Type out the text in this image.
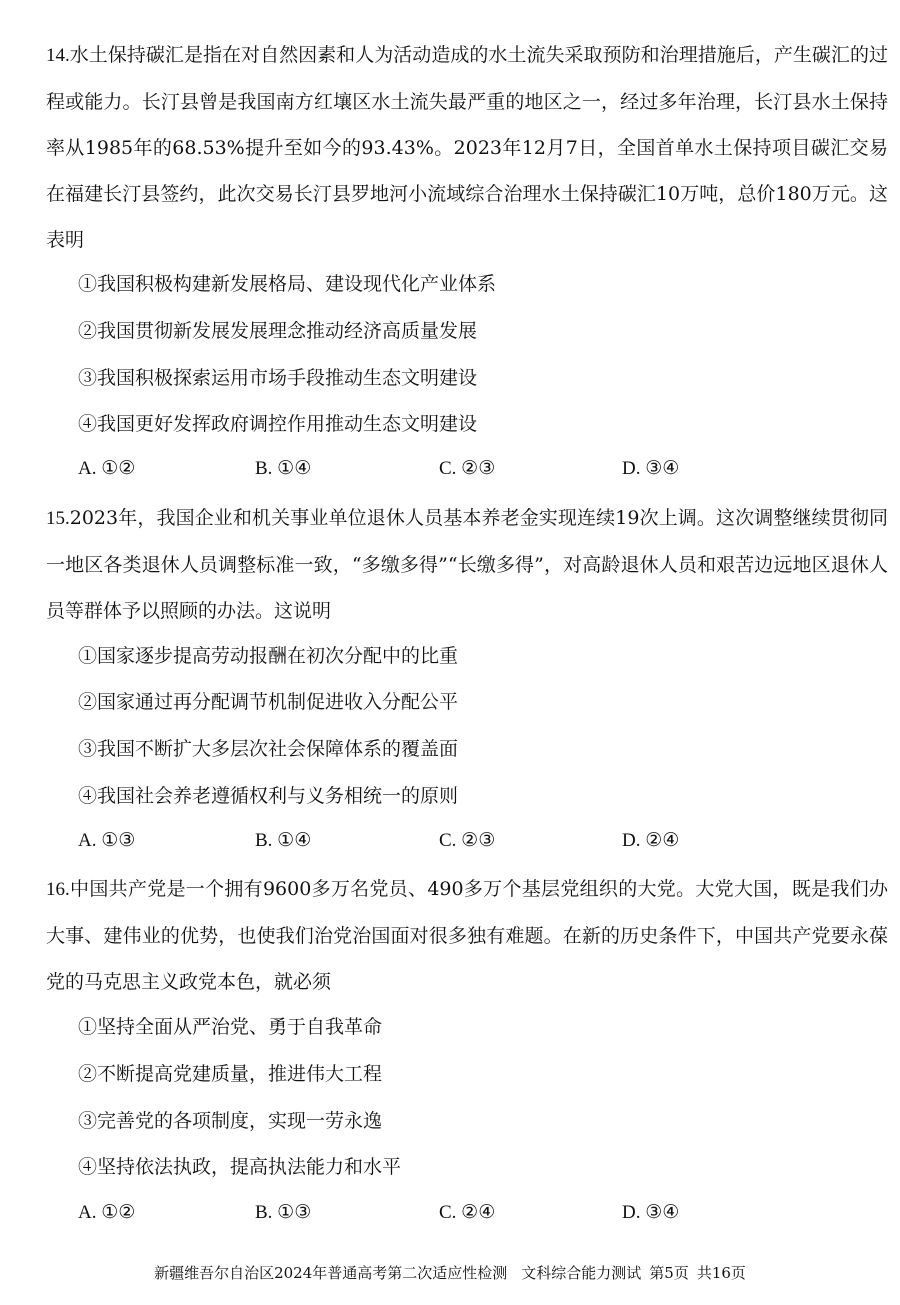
14.水土保持碳汇是指在对自然因素和人为活动造成的水土流失采取预防和治理措施后，产生碳汇的过程或能力。长汀县曾是我国南方红壤区水土流失最严重的地区之一，经过多年治理，长汀县水土保持率从1985年的68.53%提升至如今的93.43%。2023年12月7日，全国首单水土保持项目碳汇交易在福建长汀县签约，此次交易长汀县罗地河小流域综合治理水土保持碳汇10万吨，总价180万元。这表明

①我国积极构建新发展格局、建设现代化产业体系
②我国贯彻新发展发展理念推动经济高质量发展
③我国积极探索运用市场手段推动生态文明建设
④我国更好发挥政府调控作用推动生态文明建设
A. ①②	B. ①④	C. ②③	D. ③④

15.2023年，我国企业和机关事业单位退休人员基本养老金实现连续19次上调。这次调整继续贯彻同一地区各类退休人员调整标准一致，“多缴多得”“长缴多得”，对高龄退休人员和艰苦边远地区退休人员等群体予以照顾的办法。这说明

①国家逐步提高劳动报酬在初次分配中的比重
②国家通过再分配调节机制促进收入分配公平
③我国不断扩大多层次社会保障体系的覆盖面
④我国社会养老遵循权利与义务相统一的原则
A. ①③	B. ①④	C. ②③	D. ②④

16.中国共产党是一个拥有9600多万名党员、490多万个基层党组织的大党。大党大国，既是我们办大事、建伟业的优势，也使我们治党治国面对很多独有难题。在新的历史条件下，中国共产党要永葆党的马克思主义政党本色，就必须

①坚持全面从严治党、勇于自我革命
②不断提高党建质量，推进伟大工程
③完善党的各项制度，实现一劳永逸
④坚持依法执政，提高执法能力和水平
A. ①②	B. ①③	C. ②④	D. ③④
新疆维吾尔自治区2024年普通高考第二次适应性检测 文科综合能力测试 第5页 共16页
